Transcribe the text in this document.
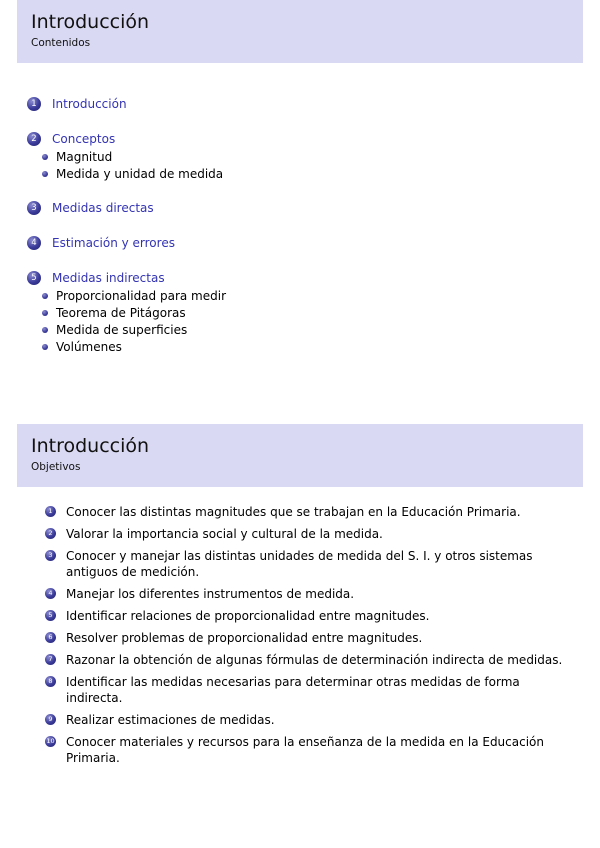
Introducción
Contenidos
1	Introducción
2	Conceptos
Magnitud
Medida y unidad de medida
3	Medidas directas
4	Estimación y errores
5	Medidas indirectas
Proporcionalidad para medir
Teorema de Pitágoras
Medida de superficies
Volúmenes
Introducción
Objetivos
1 Conocer las distintas magnitudes que se trabajan en la Educación Primaria.
2 Valorar la importancia social y cultural de la medida.
3 Conocer y manejar las distintas unidades de medida del S. I. y otros sistemas antiguos de medición.
4 Manejar los diferentes instrumentos de medida.
5 Identificar relaciones de proporcionalidad entre magnitudes.
6 Resolver problemas de proporcionalidad entre magnitudes.
7 Razonar la obtención de algunas fórmulas de determinación indirecta de medidas.
8 Identificar las medidas necesarias para determinar otras medidas de forma indirecta.
9 Realizar estimaciones de medidas.
10 Conocer materiales y recursos para la enseñanza de la medida en la Educación Primaria.
